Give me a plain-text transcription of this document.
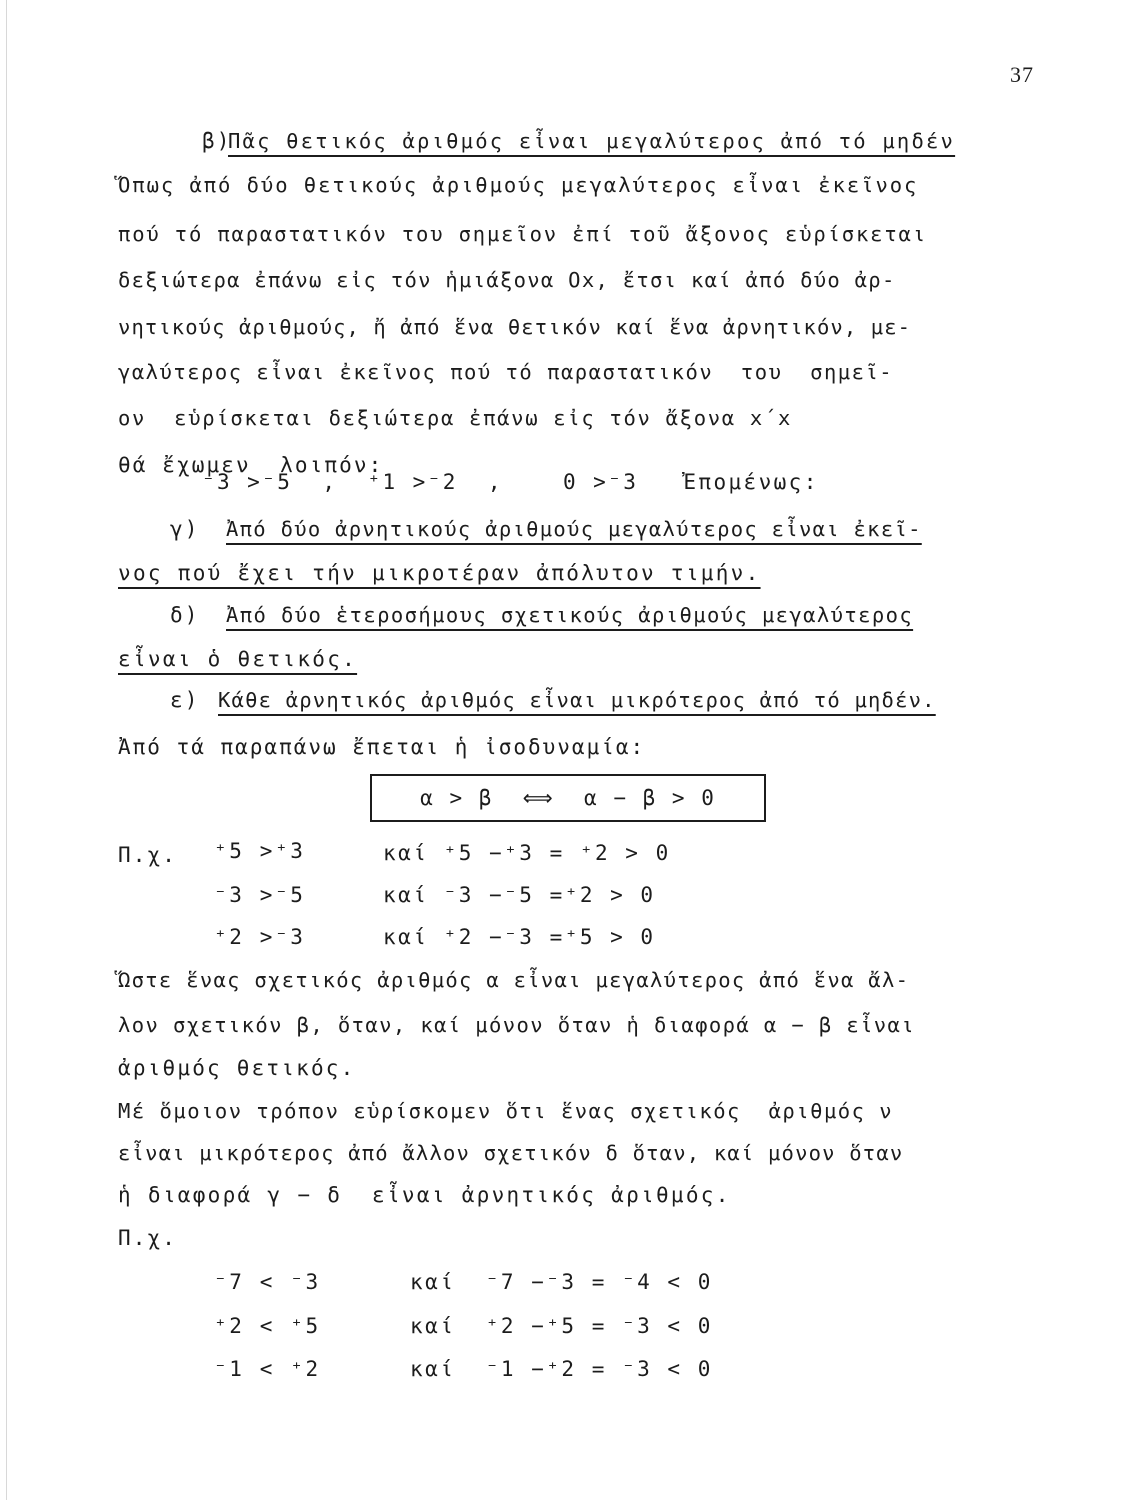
37
β)
Πᾶς θετικός ἀριθμός εἶναι μεγαλύτερος ἀπό τό μηδέν
Ὅπως ἀπό δύο θετικούς ἀριθμούς μεγαλύτερος εἶναι ἐκεῖνος
πού τό παραστατικόν του σημεῖον ἐπί τοῦ ἄξονος εὑρίσκεται
δεξιώτερα ἐπάνω εἰς τόν ἡμιάξονα Οx, ἔτσι καί ἀπό δύο ἀρ-
νητικούς ἀριθμούς, ἤ ἀπό ἕνα θετικόν καί ἕνα ἀρνητικόν, με-
γαλύτερος εἶναι ἐκεῖνος πού τό παραστατικόν  του  σημεῖ-
ον  εὑρίσκεται δεξιώτερα ἐπάνω εἰς τόν ἄξονα x΄x
θά ἔχωμεν  λοιπόν:
⁻3 >⁻5  ,  ⁺1 >⁻2  ,    0 >⁻3   Ἐπομένως:
γ) Ἀπό δύο ἀρνητικούς ἀριθμούς μεγαλύτερος εἶναι ἐκεῖ-
νος πού ἔχει τήν μικροτέραν ἀπόλυτον τιμήν.
δ) Ἀπό δύο ἑτεροσήμους σχετικούς ἀριθμούς μεγαλύτερος
εἶναι ὁ θετικός.
ε) Κάθε ἀρνητικός ἀριθμός εἶναι μικρότερος ἀπό τό μηδέν.
Ἀπό τά παραπάνω ἔπεται ἡ ἰσοδυναμία:
α > β  ⟺  α − β > 0
Π.χ. ⁺5 >⁺3	καί ⁺5 −⁺3 = ⁺2 > 0
⁻3 >⁻5	καί ⁻3 −⁻5 =⁺2 > 0
⁺2 >⁻3	καί ⁺2 −⁻3 =⁺5 > 0
Ὥστε ἕνας σχετικός ἀριθμός α εἶναι μεγαλύτερος ἀπό ἕνα ἄλ-
λον σχετικόν β, ὅταν, καί μόνον ὅταν ἡ διαφορά α − β εἶναι
ἀριθμός θετικός.
Μέ ὅμοιον τρόπον εὑρίσκομεν ὅτι ἕνας σχετικός  ἀριθμός ν
εἶναι μικρότερος ἀπό ἄλλον σχετικόν δ ὅταν, καί μόνον ὅταν
ἡ διαφορά γ − δ  εἶναι ἀρνητικός ἀριθμός.
Π.χ.
⁻7 < ⁻3	καί  ⁻7 −⁻3 = ⁻4 < 0
⁺2 < ⁺5	καί  ⁺2 −⁺5 = ⁻3 < 0
⁻1 < ⁺2	καί  ⁻1 −⁺2 = ⁻3 < 0
